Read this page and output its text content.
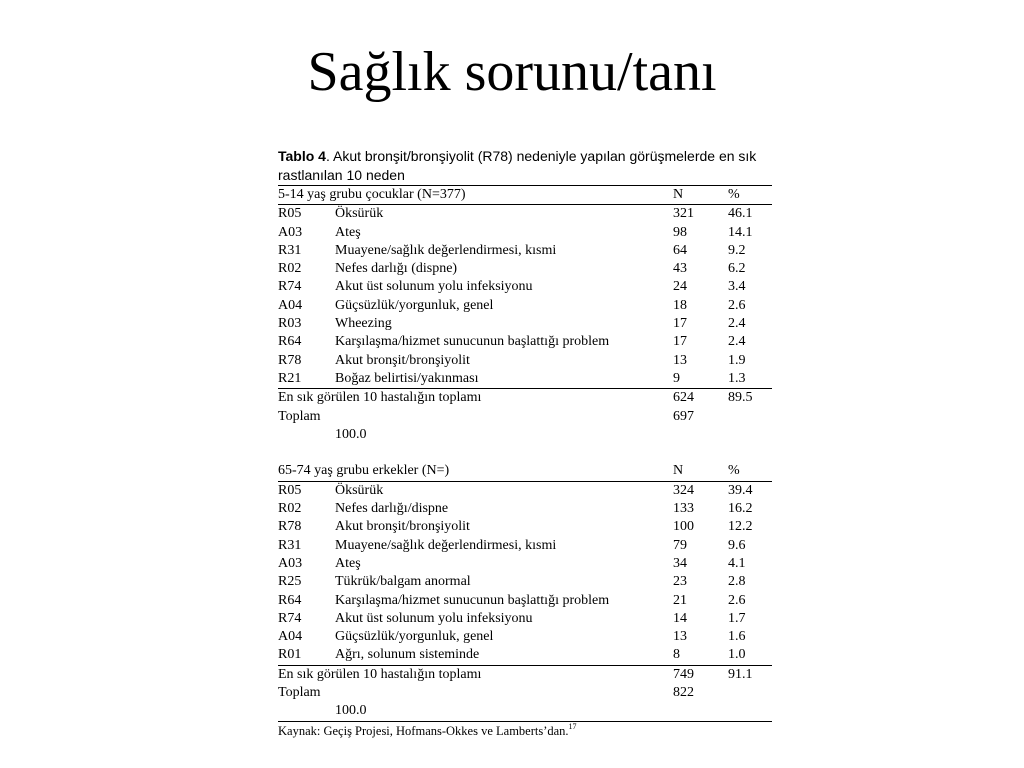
Sağlık sorunu/tanı
Tablo 4. Akut bronşit/bronşiyolit (R78) nedeniyle yapılan görüşmelerde en sık rastlanılan 10 neden
5-14 yaş grubu çocuklar (N=377)	N	%
R05	Öksürük	321	46.1
A03	Ateş	98	14.1
R31	Muayene/sağlık değerlendirmesi, kısmi	64	9.2
R02	Nefes darlığı (dispne)	43	6.2
R74	Akut üst solunum yolu infeksiyonu	24	3.4
A04	Güçsüzlük/yorgunluk, genel	18	2.6
R03	Wheezing	17	2.4
R64	Karşılaşma/hizmet sunucunun başlattığı problem	17	2.4
R78	Akut bronşit/bronşiyolit	13	1.9
R21	Boğaz belirtisi/yakınması	9	1.3
En sık görülen 10 hastalığın toplamı	624	89.5
Toplam	697
100.0
65-74 yaş grubu erkekler (N=)	N	%
R05	Öksürük	324	39.4
R02	Nefes darlığı/dispne	133	16.2
R78	Akut bronşit/bronşiyolit	100	12.2
R31	Muayene/sağlık değerlendirmesi, kısmi	79	9.6
A03	Ateş	34	4.1
R25	Tükrük/balgam anormal	23	2.8
R64	Karşılaşma/hizmet sunucunun başlattığı problem	21	2.6
R74	Akut üst solunum yolu infeksiyonu	14	1.7
A04	Güçsüzlük/yorgunluk, genel	13	1.6
R01	Ağrı, solunum sisteminde	8	1.0
En sık görülen 10 hastalığın toplamı	749	91.1
Toplam	822
100.0
Kaynak: Geçiş Projesi, Hofmans-Okkes ve Lamberts’dan.$^{17}$
